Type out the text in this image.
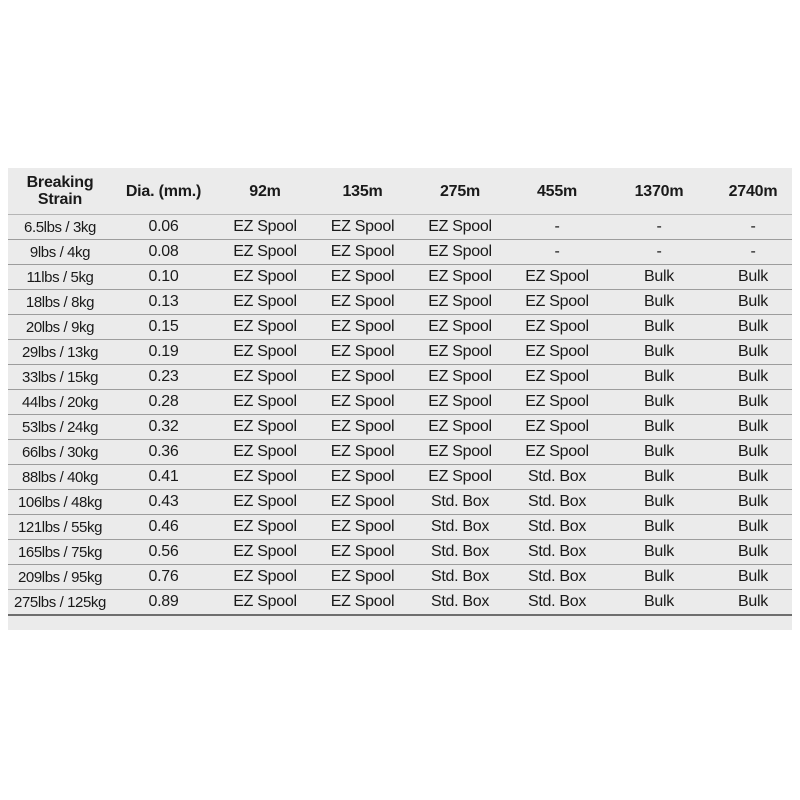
Breaking
Strain	Dia. (mm.)	92m	135m	275m	455m	1370m	2740m
6.5lbs / 3kg	0.06	EZ Spool	EZ Spool	EZ Spool	-	-	-
9lbs / 4kg	0.08	EZ Spool	EZ Spool	EZ Spool	-	-	-
11lbs / 5kg	0.10	EZ Spool	EZ Spool	EZ Spool	EZ Spool	Bulk	Bulk
18lbs / 8kg	0.13	EZ Spool	EZ Spool	EZ Spool	EZ Spool	Bulk	Bulk
20lbs / 9kg	0.15	EZ Spool	EZ Spool	EZ Spool	EZ Spool	Bulk	Bulk
29lbs / 13kg	0.19	EZ Spool	EZ Spool	EZ Spool	EZ Spool	Bulk	Bulk
33lbs / 15kg	0.23	EZ Spool	EZ Spool	EZ Spool	EZ Spool	Bulk	Bulk
44lbs / 20kg	0.28	EZ Spool	EZ Spool	EZ Spool	EZ Spool	Bulk	Bulk
53lbs / 24kg	0.32	EZ Spool	EZ Spool	EZ Spool	EZ Spool	Bulk	Bulk
66lbs / 30kg	0.36	EZ Spool	EZ Spool	EZ Spool	EZ Spool	Bulk	Bulk
88lbs / 40kg	0.41	EZ Spool	EZ Spool	EZ Spool	Std. Box	Bulk	Bulk
106lbs / 48kg	0.43	EZ Spool	EZ Spool	Std. Box	Std. Box	Bulk	Bulk
121lbs / 55kg	0.46	EZ Spool	EZ Spool	Std. Box	Std. Box	Bulk	Bulk
165lbs / 75kg	0.56	EZ Spool	EZ Spool	Std. Box	Std. Box	Bulk	Bulk
209lbs / 95kg	0.76	EZ Spool	EZ Spool	Std. Box	Std. Box	Bulk	Bulk
275lbs / 125kg	0.89	EZ Spool	EZ Spool	Std. Box	Std. Box	Bulk	Bulk
